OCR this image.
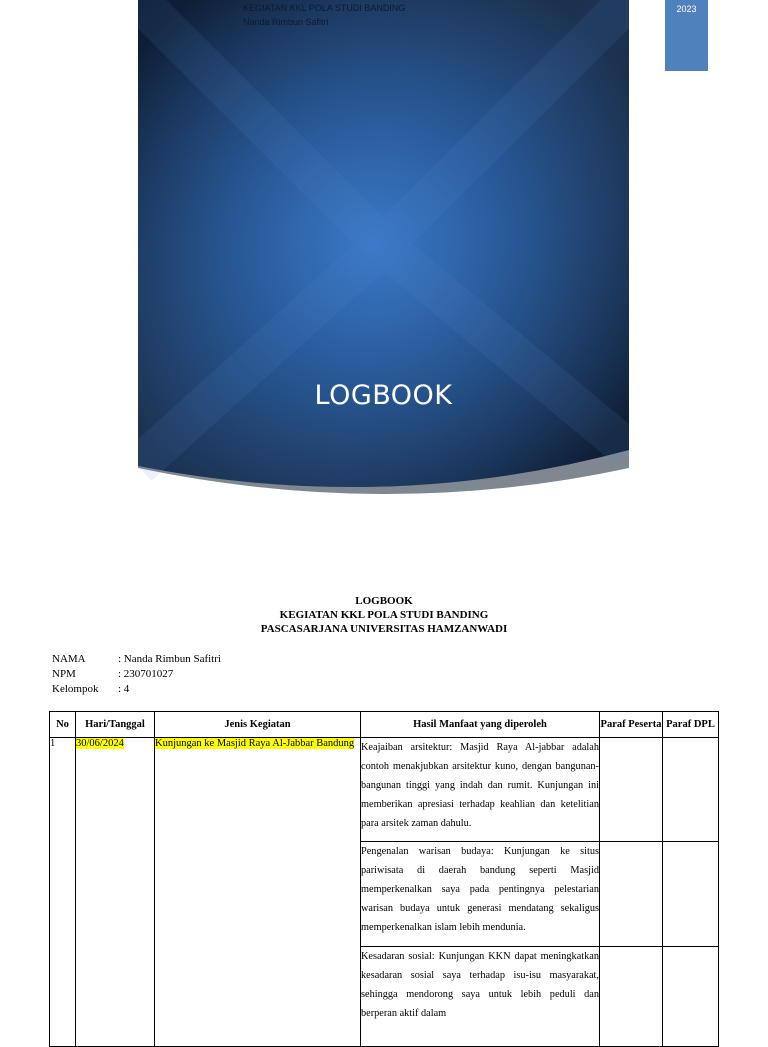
KEGIATAN KKL POLA STUDI BANDING
Nanda Rimbun Safitri
LOGBOOK
2023
LOGBOOK
KEGIATAN KKL POLA STUDI BANDING
PASCASARJANA UNIVERSITAS HAMZANWADI
NAMA	: Nanda Rimbun Safitri
NPM	: 230701027
Kelompok	: 4
No	Hari/Tanggal	Jenis Kegiatan	Hasil Manfaat yang diperoleh	Paraf Peserta	Paraf DPL
1	30/06/2024	Kunjungan ke Masjid Raya Al-Jabbar Bandung	Keajaiban arsitektur: Masjid Raya Al-jabbar adalah contoh menakjubkan arsitektur kuno, dengan bangunan-bangunan tinggi yang indah dan rumit. Kunjungan ini memberikan apresiasi terhadap keahlian dan ketelitian para arsitek zaman dahulu.		
			Pengenalan warisan budaya: Kunjungan ke situs pariwisata di daerah bandung seperti Masjid memperkenalkan saya pada pentingnya pelestarian warisan budaya untuk generasi mendatang sekaligus memperkenalkan islam lebih mendunia.		
			Kesadaran sosial: Kunjungan KKN dapat meningkatkan kesadaran sosial saya terhadap isu-isu masyarakat, sehingga mendorong saya untuk lebih peduli dan berperan aktif dalam		
